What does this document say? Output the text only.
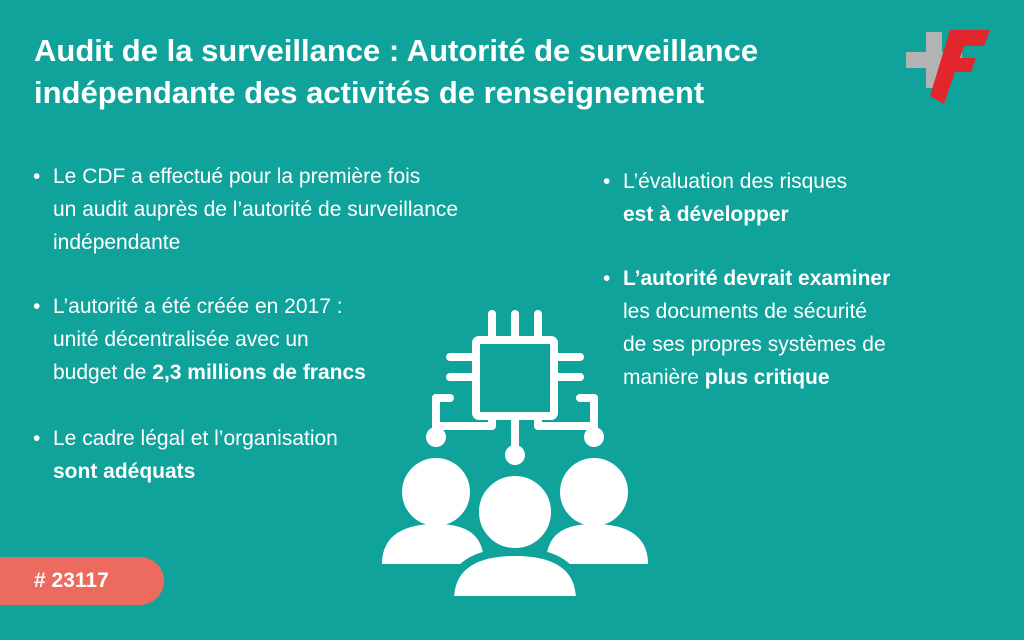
Audit de la surveillance : Autorité de surveillance
indépendante des activités de renseignement
• Le CDF a effectué pour la première fois
un audit auprès de l’autorité de surveillance
indépendante
• L’autorité a été créée en 2017 :
unité décentralisée avec un
budget de 2,3 millions de francs
• Le cadre légal et l’organisation
sont adéquats
• L’évaluation des risques
est à développer
• L’autorité devrait examiner
les documents de sécurité
de ses propres systèmes de
manière plus critique
# 23117
